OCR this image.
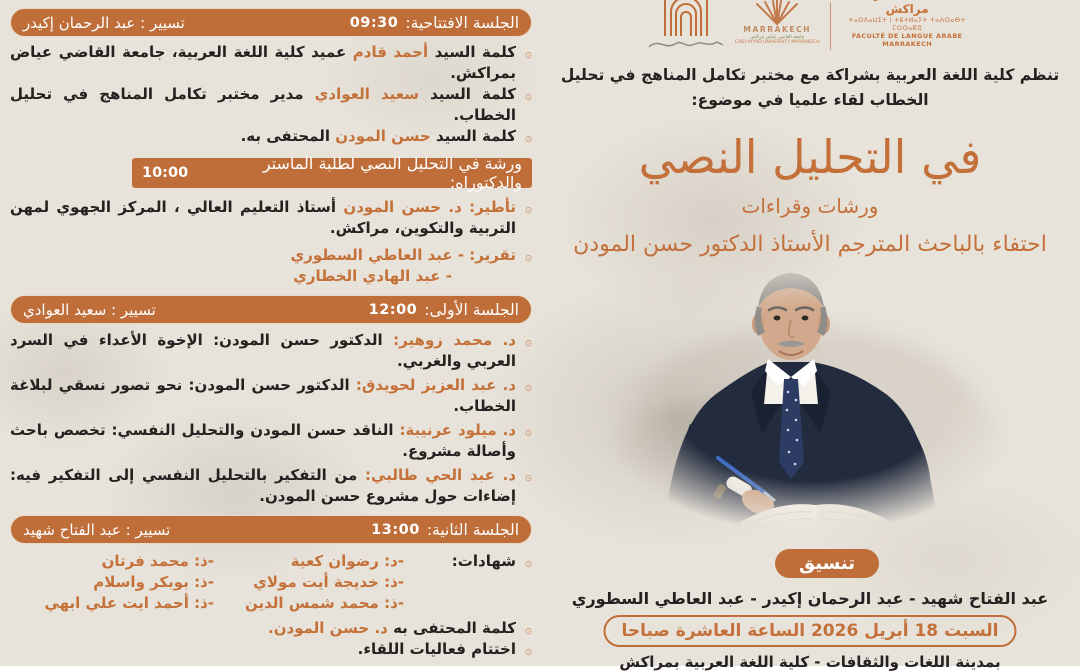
الجلسة الافتتاحية:
09:30
تسيير : عبد الرحمان إكيدر

۞
كلمة السيد أحمد قادم عميد كلية اللغة العربية، جامعة القاضي عياض بمراكش.

۞
كلمة السيد سعيد العوادي مدير مختبر تكامل المناهج في تحليل الخطاب.

۞
كلمة السيد حسن المودن المحتفى به.

ورشة في التحليل النصي لطلبة الماستر والدكتوراه:
10:00

۞
تأطير: د. حسن المودن أستاذ التعليم العالي ، المركز الجهوي لمهن التربية والتكوين، مراكش.

۞
تقرير: - عبد العاطي السطوري
- عبد الهادي الخطاري

الجلسة الأولى:
12:00
تسيير : سعيد العوادي

۞
د. محمد زوهير: الدكتور حسن المودن: الإخوة الأعداء في السرد العربي والغربي.

۞
د. عبد العزيز لحويدق: الدكتور حسن المودن: نحو تصور نسقي لبلاغة الخطاب.

۞
د. ميلود عرنيبة: الناقد حسن المودن والتحليل النفسي: تخصص باحث وأصالة مشروع.

۞
د. عبد الحي طالبي: من التفكير بالتحليل النفسي إلى التفكير فيه: إضاءات حول مشروع حسن المودن.

الجلسة الثانية:
13:00
تسيير : عبد الفتاح شهيد
۞
شهادات:
-د: رضوان كعية
-ذ: خديجة أيت مولاي
-ذ: محمد شمس الدين
-ذ: محمد فرتان
-ذ: بوبكر واسلام
-ذ: أحمد ايت علي ابهي

۞
كلمة المحتفى به د. حسن المودن.

۞
اختتام فعاليات اللقاء.

MARRAKECH
جامعة القاضي عياض مراكش
CADI AYYAD UNIVERSITY MARRAKECH
مراكش
ⵜⴰⵙⴷⴰⵡⵉⵜ ⵏ ⵜⵓⵜⵍⴰⵢⵜ ⵜⴰⵄⵔⴰⴱⵜ
ⵎⵔⵔⴰⴽⵛ
FACULTÉ DE LANGUE ARABE
MARRAKECH

تنظم كلية اللغة العربية بشراكة مع مختبر تكامل المناهج في تحليل الخطاب لقاء علميا في موضوع:

في التحليل النصي
ورشات وقراءات
احتفاء بالباحث المترجم الأستاذ الدكتور حسن المودن
تنسيق
عبد الفتاح شهيد - عبد الرحمان إكيدر - عبد العاطي السطوري
السبت 18 أبريل 2026 الساعة العاشرة صباحا
بمدينة اللغات والثقافات - كلية اللغة العربية بمراكش
